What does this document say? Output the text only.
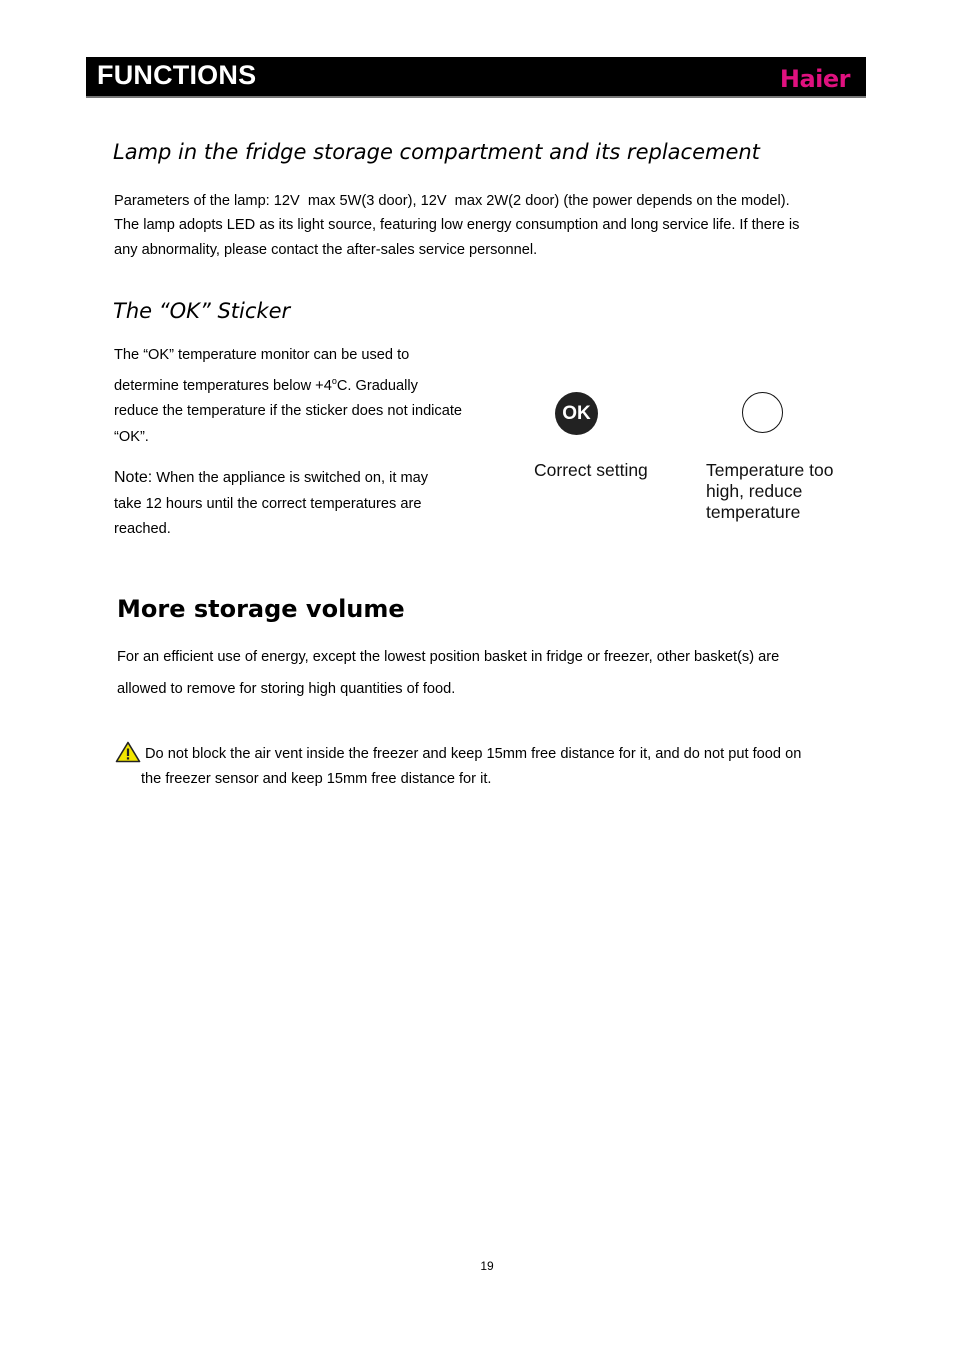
FUNCTIONS	Haier
Lamp in the fridge storage compartment and its replacement
Parameters of the lamp: 12V  max 5W(3 door), 12V  max 2W(2 door) (the power depends on the model).
The lamp adopts LED as its light source, featuring low energy consumption and long service life. If there is
any abnormality, please contact the after-sales service personnel.
The “OK” Sticker
The “OK” temperature monitor can be used to
determine temperatures below $+4^oC$. Gradually
reduce the temperature if the sticker does not indicate
“OK”.
Note: When the appliance is switched on, it may
take 12 hours until the correct temperatures are
reached.
OK
Correct setting	Temperature too
high, reduce
temperature
More storage volume
For an efficient use of energy, except the lowest position basket in fridge or freezer, other basket(s) are
allowed to remove for storing high quantities of food.
Do not block the air vent inside the freezer and keep 15mm free distance for it, and do not put food on
the freezer sensor and keep 15mm free distance for it.
19
